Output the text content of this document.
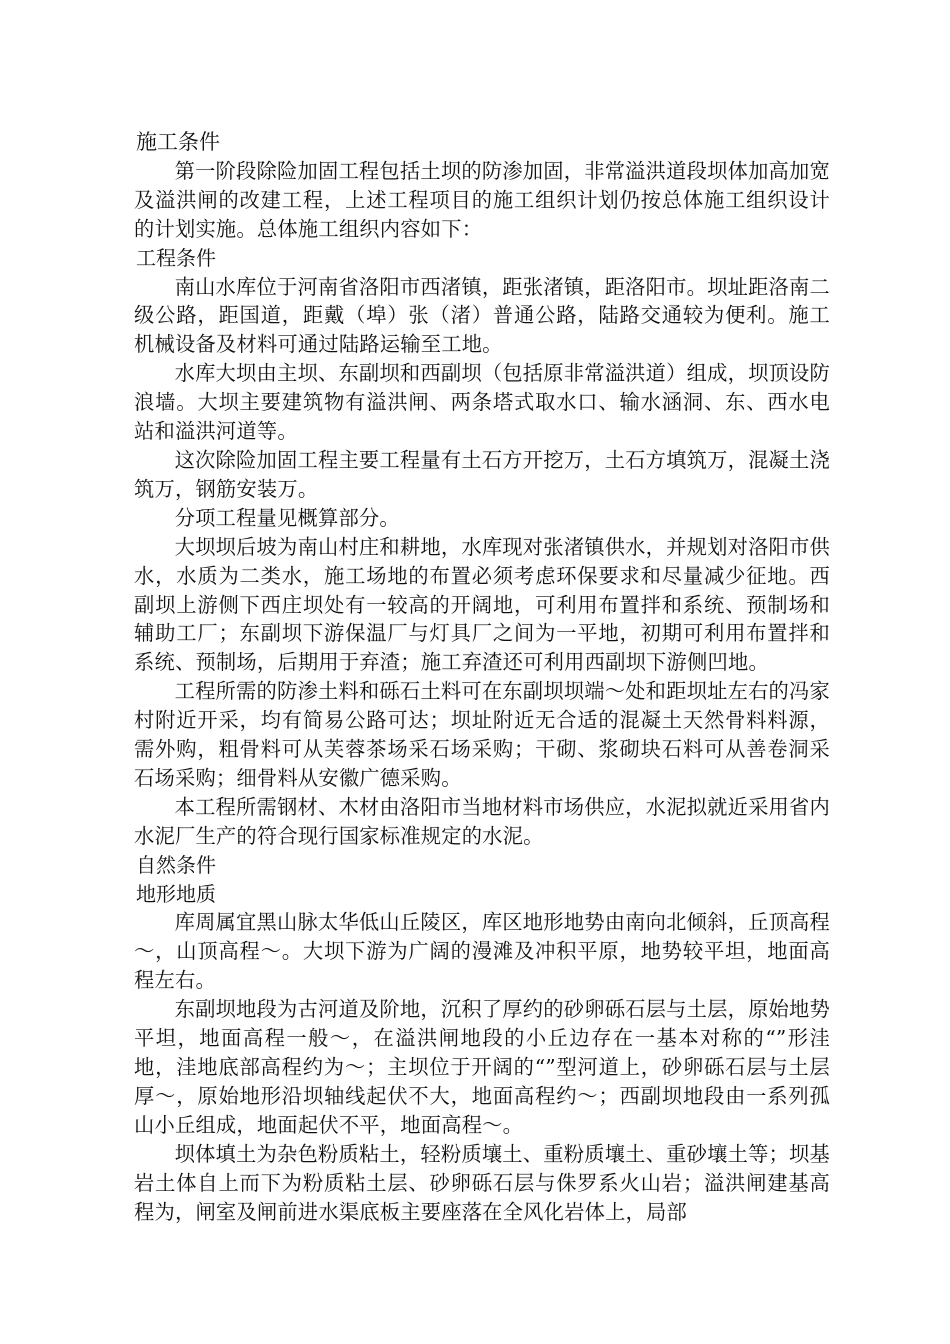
施工条件

第一阶段除险加固工程包括土坝的防渗加固，非常溢洪道段坝体加高加宽及溢洪闸的改建工程，上述工程项目的施工组织计划仍按总体施工组织设计的计划实施。总体施工组织内容如下：

工程条件

南山水库位于河南省洛阳市西渚镇，距张渚镇，距洛阳市。坝址距洛南二级公路，距国道，距戴（埠）张（渚）普通公路，陆路交通较为便利。施工机械设备及材料可通过陆路运输至工地。

水库大坝由主坝、东副坝和西副坝（包括原非常溢洪道）组成，坝顶设防浪墙。大坝主要建筑物有溢洪闸、两条塔式取水口、输水涵洞、东、西水电站和溢洪河道等。

这次除险加固工程主要工程量有土石方开挖万，土石方填筑万，混凝土浇筑万，钢筋安装万。

分项工程量见概算部分。

大坝坝后坡为南山村庄和耕地，水库现对张渚镇供水，并规划对洛阳市供水，水质为二类水，施工场地的布置必须考虑环保要求和尽量减少征地。西副坝上游侧下西庄坝处有一较高的开阔地，可利用布置拌和系统、预制场和辅助工厂；东副坝下游保温厂与灯具厂之间为一平地，初期可利用布置拌和系统、预制场，后期用于弃渣；施工弃渣还可利用西副坝下游侧凹地。

工程所需的防渗土料和砾石土料可在东副坝坝端～处和距坝址左右的冯家村附近开采，均有简易公路可达；坝址附近无合适的混凝土天然骨料料源，需外购，粗骨料可从芙蓉茶场采石场采购；干砌、浆砌块石料可从善卷洞采石场采购；细骨料从安徽广德采购。

本工程所需钢材、木材由洛阳市当地材料市场供应，水泥拟就近采用省内水泥厂生产的符合现行国家标准规定的水泥。

自然条件
地形地质

库周属宜黑山脉太华低山丘陵区，库区地形地势由南向北倾斜，丘顶高程～，山顶高程～。大坝下游为广阔的漫滩及冲积平原，地势较平坦，地面高程左右。

东副坝地段为古河道及阶地，沉积了厚约的砂卵砾石层与土层，原始地势平坦，地面高程一般～，在溢洪闸地段的小丘边存在一基本对称的“”形洼地，洼地底部高程约为～；主坝位于开阔的“”型河道上，砂卵砾石层与土层厚～，原始地形沿坝轴线起伏不大，地面高程约～；西副坝地段由一系列孤山小丘组成，地面起伏不平，地面高程～。

坝体填土为杂色粉质粘土，轻粉质壤土、重粉质壤土、重砂壤土等；坝基岩土体自上而下为粉质粘土层、砂卵砾石层与侏罗系火山岩；溢洪闸建基高程为，闸室及闸前进水渠底板主要座落在全风化岩体上，局部
